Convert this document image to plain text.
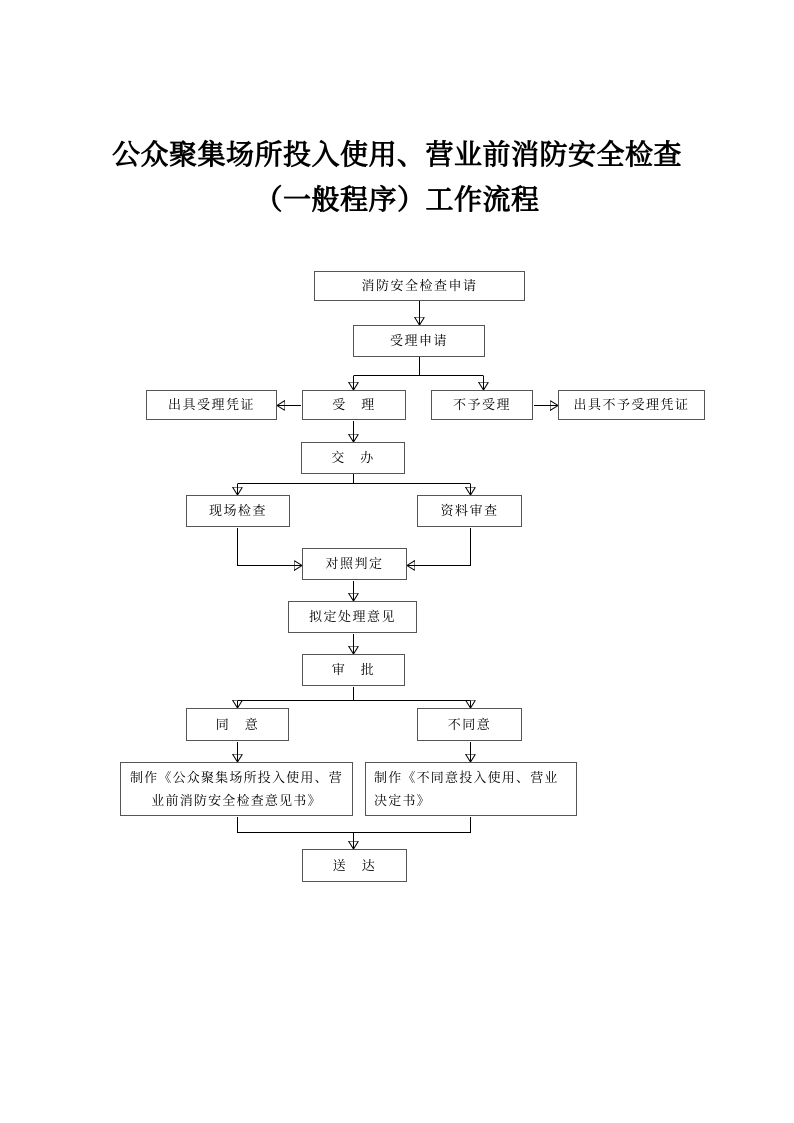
公众聚集场所投入使用、营业前消防安全检查
（一般程序）工作流程
消防安全检查申请
受理申请
出具受理凭证	受　理	不予受理	出具不予受理凭证
交　办
现场检查	资料审查
对照判定
拟定处理意见
审　批
同　意	不同意
制作《公众聚集场所投入使用、营业前消防安全检查意见书》
制作《不同意投入使用、营业决定书》
送　达
